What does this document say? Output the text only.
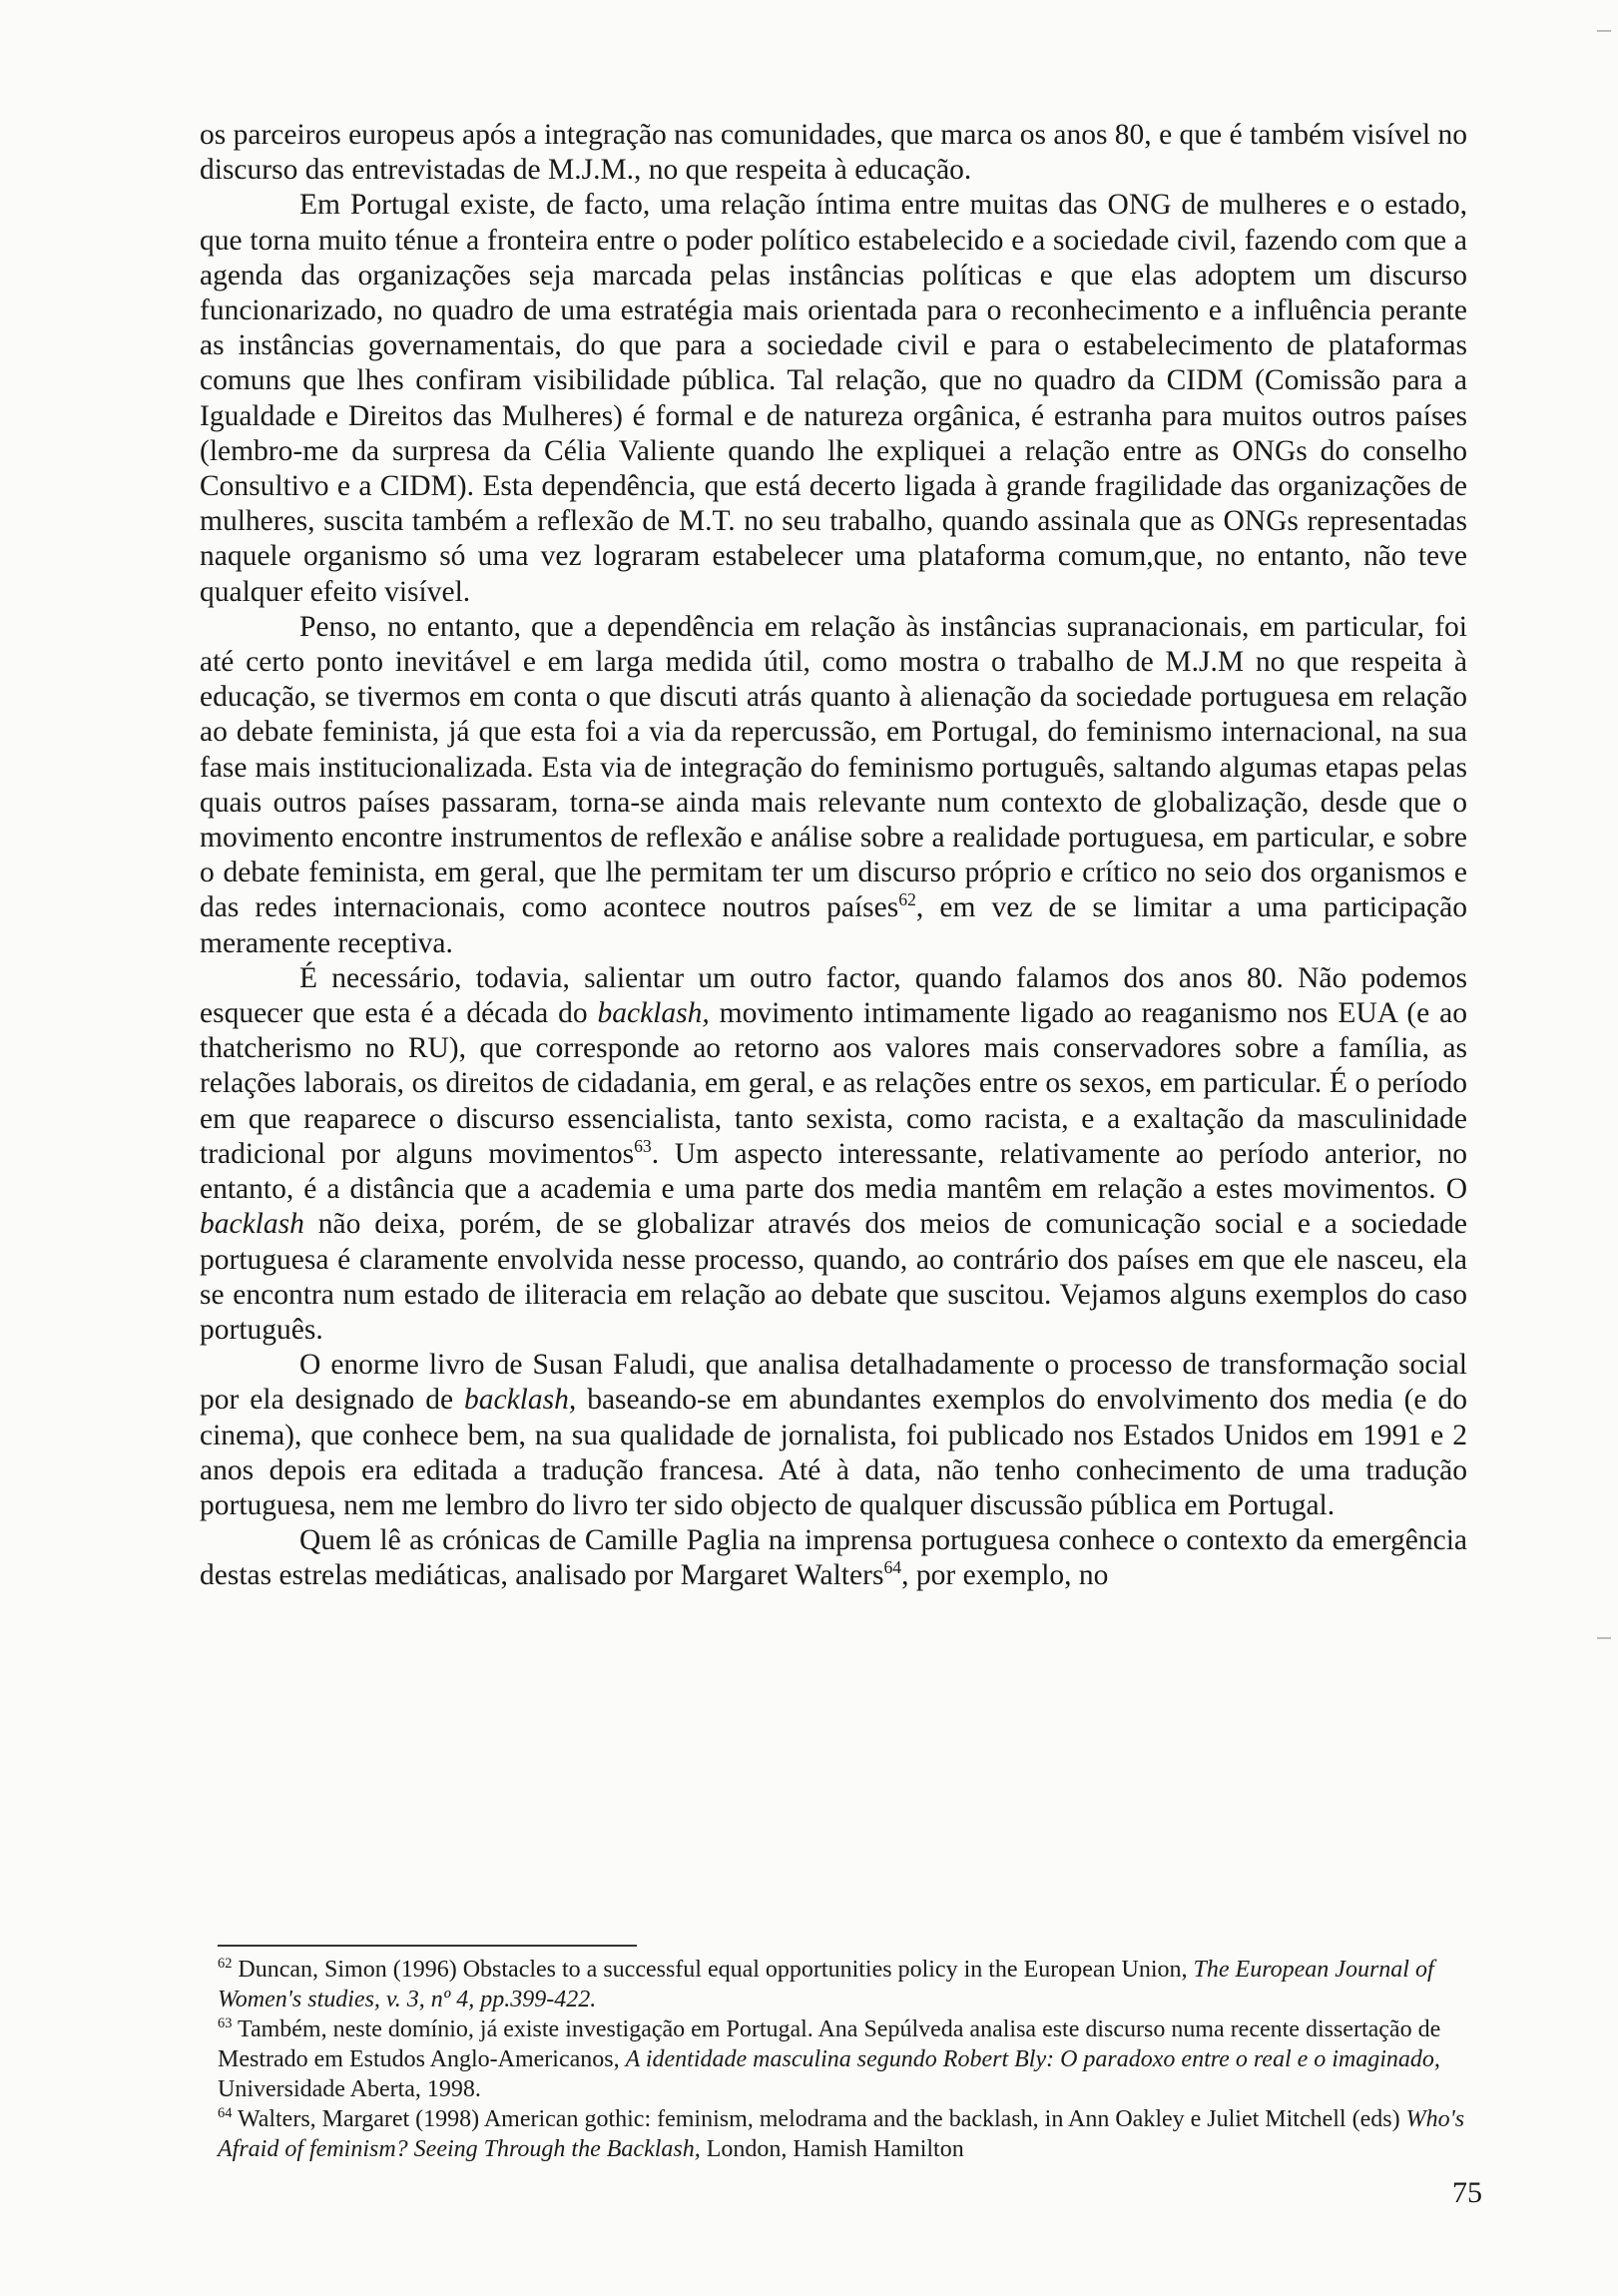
os parceiros europeus após a integração nas comunidades, que marca os anos 80, e que é também visível no discurso das entrevistadas de M.J.M., no que respeita à educação.

Em Portugal existe, de facto, uma relação íntima entre muitas das ONG de mulheres e o estado, que torna muito ténue a fronteira entre o poder político estabelecido e a sociedade civil, fazendo com que a agenda das organizações seja marcada pelas instâncias políticas e que elas adoptem um discurso funcionarizado, no quadro de uma estratégia mais orientada para o reconhecimento e a influência perante as instâncias governamentais, do que para a sociedade civil e para o estabelecimento de plataformas comuns que lhes confiram visibilidade pública. Tal relação, que no quadro da CIDM (Comissão para a Igualdade e Direitos das Mulheres) é formal e de natureza orgânica, é estranha para muitos outros países (lembro-me da surpresa da Célia Valiente quando lhe expliquei a relação entre as ONGs do conselho Consultivo e a CIDM). Esta dependência, que está decerto ligada à grande fragilidade das organizações de mulheres, suscita também a reflexão de M.T. no seu trabalho, quando assinala que as ONGs representadas naquele organismo só uma vez lograram estabelecer uma plataforma comum,que, no entanto, não teve qualquer efeito visível.

Penso, no entanto, que a dependência em relação às instâncias supranacionais, em particular, foi até certo ponto inevitável e em larga medida útil, como mostra o trabalho de M.J.M no que respeita à educação, se tivermos em conta o que discuti atrás quanto à alienação da sociedade portuguesa em relação ao debate feminista, já que esta foi a via da repercussão, em Portugal, do feminismo internacional, na sua fase mais institucionalizada. Esta via de integração do feminismo português, saltando algumas etapas pelas quais outros países passaram, torna-se ainda mais relevante num contexto de globalização, desde que o movimento encontre instrumentos de reflexão e análise sobre a realidade portuguesa, em particular, e sobre o debate feminista, em geral, que lhe permitam ter um discurso próprio e crítico no seio dos organismos e das redes internacionais, como acontece noutros países$^{62}$, em vez de se limitar a uma participação meramente receptiva.

É necessário, todavia, salientar um outro factor, quando falamos dos anos 80. Não podemos esquecer que esta é a década do backlash, movimento intimamente ligado ao reaganismo nos EUA (e ao thatcherismo no RU), que corresponde ao retorno aos valores mais conservadores sobre a família, as relações laborais, os direitos de cidadania, em geral, e as relações entre os sexos, em particular. É o período em que reaparece o discurso essencialista, tanto sexista, como racista, e a exaltação da masculinidade tradicional por alguns movimentos$^{63}$. Um aspecto interessante, relativamente ao período anterior, no entanto, é a distância que a academia e uma parte dos media mantêm em relação a estes movimentos. O backlash não deixa, porém, de se globalizar através dos meios de comunicação social e a sociedade portuguesa é claramente envolvida nesse processo, quando, ao contrário dos países em que ele nasceu, ela se encontra num estado de iliteracia em relação ao debate que suscitou. Vejamos alguns exemplos do caso português.

O enorme livro de Susan Faludi, que analisa detalhadamente o processo de transformação social por ela designado de backlash, baseando-se em abundantes exemplos do envolvimento dos media (e do cinema), que conhece bem, na sua qualidade de jornalista, foi publicado nos Estados Unidos em 1991 e 2 anos depois era editada a tradução francesa. Até à data, não tenho conhecimento de uma tradução portuguesa, nem me lembro do livro ter sido objecto de qualquer discussão pública em Portugal.

Quem lê as crónicas de Camille Paglia na imprensa portuguesa conhece o contexto da emergência destas estrelas mediáticas, analisado por Margaret Walters$^{64}$, por exemplo, no

$^{62}$ Duncan, Simon (1996) Obstacles to a successful equal opportunities policy in the European Union, The European Journal of Women's studies, v. 3, nº 4, pp.399-422.

$^{63}$ Também, neste domínio, já existe investigação em Portugal. Ana Sepúlveda analisa este discurso numa recente dissertação de Mestrado em Estudos Anglo-Americanos, A identidade masculina segundo Robert Bly: O paradoxo entre o real e o imaginado, Universidade Aberta, 1998.

$^{64}$ Walters, Margaret (1998) American gothic: feminism, melodrama and the backlash, in Ann Oakley e Juliet Mitchell (eds) Who's Afraid of feminism? Seeing Through the Backlash, London, Hamish Hamilton

75
